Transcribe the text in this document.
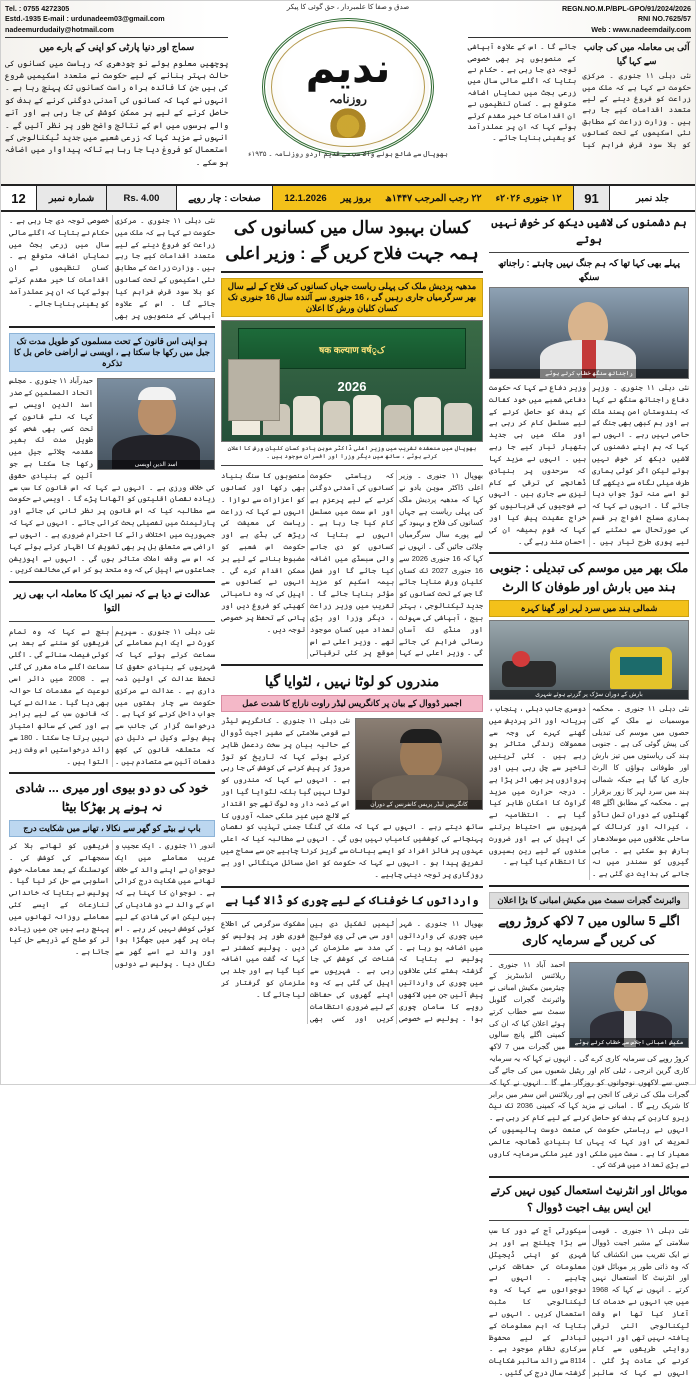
Tel. : 0755 4272305
Estd.-1935 E-mail : urdunadeem03@gmail.com
nadeemurdudaily@hotmail.com
سماج اور دنیا پارٹی کو اپنی کے بارے میں
پوچھیں معلوم ہوئے نو چودھری کہ ریاست میں کسانوں کی حالت بہتر بنانے کے لیے حکومت نے متعدد اسکیمیں شروع کی ہیں جن کا فائدہ براہ راست کسانوں تک پہنچ رہا ہے ۔ انہوں نے کہا کہ کسانوں کی آمدنی دوگنی کرنے کے ہدف کو حاصل کرنے کے لیے ہر ممکن کوشش کی جا رہی ہے اور آنے والے برسوں میں اس کے نتائج واضح طور پر نظر آئیں گے ۔ انہوں نے مزید کہا کہ زرعی شعبے میں جدید ٹیکنالوجی کے استعمال کو فروغ دیا جا رہا ہے تاکہ پیداوار میں اضافہ ہو سکے ۔
صدق و صفا کا علمبردار ، حق گوئی کا پیکر
ندیم
روزنامہ
بھوپال سے شائع ہونے والا سب سے قدیم اردو روزنامہ ۔ ۱۹۳۵ء
REGN.NO.M.P/BPL-GPO/91/2024/2026
RNI NO.7625/57
Web : www.nadeemdaily.com
آئی بی معاملہ میں کی جانب سے کہا گیا
نئی دہلی ۱۱ جنوری ۔ مرکزی حکومت نے کہا ہے کہ ملک میں زراعت کو فروغ دینے کے لیے متعدد اقدامات کیے جا رہے ہیں ۔ وزارت زراعت کے مطابق نئی اسکیموں کے تحت کسانوں کو بلا سود قرض فراہم کیا جائے گا ۔ اس کے علاوہ آبپاشی کے منصوبوں پر بھی خصوصی توجہ دی جا رہی ہے ۔ حکام نے بتایا کہ اگلے مالی سال میں زرعی بجٹ میں نمایاں اضافہ متوقع ہے ۔ کسان تنظیموں نے ان اقدامات کا خیر مقدم کرتے ہوئے کہا کہ ان پر عملدرآمد کو یقینی بنایا جائے ۔
جلد نمبر
91
۱۲ جنوری ۲۰۲۶ء
۲۲ رجب المرجب ۱۴۴۷ھ
بروز پیر
12.1.2026
صفحات : چار روپے
Rs. 4.00
شمارہ نمبر
12
ہم دشمنوں کی لاشیں دیکھ کر خوش نہیں ہوتے
پہلے بھی کہا تھا کہ ہم جنگ نہیں چاہتے : راجناتھ سنگھ
راجناتھ سنگھ خطاب کرتے ہوئے
نئی دہلی ۱۱ جنوری ۔ وزیر دفاع راجناتھ سنگھ نے کہا کہ ہندوستان امن پسند ملک ہے اور ہم کبھی بھی جنگ کے حامی نہیں رہے ۔ انہوں نے کہا کہ ہم اپنے دشمنوں کی لاشیں دیکھ کر خوش نہیں ہوتے لیکن اگر کوئی ہماری طرف میلی نگاہ سے دیکھے گا تو اسے منہ توڑ جواب دیا جائے گا ۔ انہوں نے کہا کہ ہماری مسلح افواج ہر قسم کی صورتحال سے نمٹنے کے لیے پوری طرح تیار ہیں ۔ وزیر دفاع نے کہا کہ حکومت دفاعی شعبے میں خود کفالت کے ہدف کو حاصل کرنے کے لیے مسلسل کام کر رہی ہے اور ملک میں ہی جدید ہتھیار تیار کیے جا رہے ہیں ۔ انہوں نے مزید کہا کہ سرحدوں پر بنیادی ڈھانچے کی ترقی کے کام تیزی سے جاری ہیں ۔ انہوں نے فوجیوں کی قربانیوں کو خراج عقیدت پیش کیا اور کہا کہ قوم ہمیشہ ان کی احسان مند رہے گی ۔
ملک بھر میں موسم کی تبدیلی : جنوبی ہند میں بارش اور طوفان کا الرٹ
شمالی ہند میں سرد لہر اور گھنا کہرہ
بارش کے دوران سڑک پر گزرتے ہوئے شہری
نئی دہلی ۱۱ جنوری ۔ محکمہ موسمیات نے ملک کے کئی حصوں میں موسم کی تبدیلی کی پیش گوئی کی ہے ۔ جنوبی ہند کی ریاستوں میں تیز بارش اور طوفانی ہواؤں کا الرٹ جاری کیا گیا ہے جبکہ شمالی ہند میں سرد لہر کا زور برقرار ہے ۔ محکمہ کے مطابق اگلے 48 گھنٹوں کے دوران تمل ناڈو ، کیرالہ اور کرناٹک کے ساحلی علاقوں میں موسلادھار بارش ہو سکتی ہے ۔ ماہی گیروں کو سمندر میں نہ جانے کی ہدایت دی گئی ہے ۔ دوسری جانب دہلی ، پنجاب ، ہریانہ اور اتر پردیش میں گھنے کہرے کی وجہ سے معمولات زندگی متاثر ہو رہے ہیں ۔ کئی ٹرینیں تاخیر سے چل رہی ہیں اور پروازوں پر بھی اثر پڑا ہے ۔ درجہ حرارت میں مزید گراوٹ کا امکان ظاہر کیا گیا ہے ۔ انتظامیہ نے شہریوں سے احتیاط برتنے کی اپیل کی ہے اور ضرورت مندوں کے لیے رین بسیروں کا انتظام کیا گیا ہے ۔
وائبرنٹ گجرات سمٹ میں مکیش امبانی کا بڑا اعلان
اگلے 5 سالوں میں 7 لاکھ کروڑ روپے کی کریں گے سرمایہ کاری
مکیش امبانی اجلاس سے خطاب کرتے ہوئے
احمد آباد ۱۱ جنوری ۔ ریلائنس انڈسٹریز کے چیئرمین مکیش امبانی نے وائبرنٹ گجرات گلوبل سمٹ سے خطاب کرتے ہوئے اعلان کیا کہ ان کی کمپنی اگلے پانچ سالوں میں گجرات میں 7 لاکھ کروڑ روپے کی سرمایہ کاری کرے گی ۔ انہوں نے کہا کہ یہ سرمایہ کاری گرین انرجی ، ٹیلی کام اور ریٹیل شعبوں میں کی جائے گی جس سے لاکھوں نوجوانوں کو روزگار ملے گا ۔ انہوں نے کہا کہ گجرات ملک کی ترقی کا انجن ہے اور ریلائنس اس سفر میں برابر کا شریک رہے گا ۔ امبانی نے مزید کہا کہ کمپنی 2036 تک نیٹ زیرو کاربن کے ہدف کو حاصل کرنے کے لیے کام کر رہی ہے ۔ انہوں نے ریاستی حکومت کی صنعت دوست پالیسیوں کی تعریف کی اور کہا کہ یہاں کا بنیادی ڈھانچہ عالمی معیار کا ہے ۔ سمٹ میں ملکی اور غیر ملکی سرمایہ کاروں نے بڑی تعداد میں شرکت کی ۔
موبائل اور انٹرنیٹ استعمال کیوں نہیں کرتے این ایس بیف اجیت ڈووال ؟
نئی دہلی ۱۱ جنوری ۔ قومی سلامتی کے مشیر اجیت ڈووال نے ایک تقریب میں انکشاف کیا کہ وہ ذاتی طور پر موبائل فون اور انٹرنیٹ کا استعمال نہیں کرتے ۔ انہوں نے کہا کہ 1968 میں جب انہوں نے خدمات کا آغاز کیا تھا اس وقت ٹیکنالوجی اتنی ترقی یافتہ نہیں تھی اور انہیں روایتی طریقوں سے کام کرنے کی عادت پڑ گئی ۔ انہوں نے کہا کہ سائبر سیکورٹی آج کے دور کا سب سے بڑا چیلنج ہے اور ہر شہری کو اپنی ڈیجیٹل معلومات کی حفاظت کرنی چاہیے ۔ انہوں نے نوجوانوں سے کہا کہ وہ ٹیکنالوجی کا مثبت استعمال کریں ۔ انہوں نے بتایا کہ اہم معلومات کے تبادلے کے لیے محفوظ سرکاری نظام موجود ہے ۔ 8114 سے زائد سائبر شکایات گزشتہ سال درج کی گئیں ۔
کسان بہبود سال میں کسانوں کی ہمہ جہت فلاح کریں گے : وزیر اعلی
مدھیہ پردیش ملک کی پہلی ریاست جہاں کسانوں کی فلاح کے لیے سال بھر سرگرمیاں جاری رہیں گی ، 16 جنوری سے آئندہ سال 16 جنوری تک کسان کلیان ورش کا اعلان
کृषक कल्याण वर्ष
2026
بھوپال میں منعقدہ تقریب میں وزیر اعلی ڈاکٹر موہن یادو کسان کلیان ورش کا اعلان کرتے ہوئے ، ساتھ میں دیگر وزرا اور افسران موجود ہیں ۔
بھوپال ۱۱ جنوری ۔ وزیر اعلی ڈاکٹر موہن یادو نے کہا کہ مدھیہ پردیش ملک کی پہلی ریاست ہے جہاں کسانوں کی فلاح و بہبود کے لیے پورے سال سرگرمیاں چلائی جائیں گی ۔ انہوں نے کہا کہ 16 جنوری 2026 سے 16 جنوری 2027 تک کسان کلیان ورش منایا جائے گا جس کے تحت کسانوں کو جدید ٹیکنالوجی ، بہتر بیج ، آبپاشی کی سہولت اور منڈی تک آسان رسائی فراہم کی جائے گی ۔ وزیر اعلی نے کہا کہ ریاستی حکومت کسانوں کی آمدنی دوگنی کرنے کے لیے پرعزم ہے اور اس سمت میں مسلسل کام کیا جا رہا ہے ۔ انہوں نے بتایا کہ کسانوں کو دی جانے والی سبسڈی میں اضافہ کیا جائے گا اور فصل بیمہ اسکیم کو مزید مؤثر بنایا جائے گا ۔ تقریب میں وزیر زراعت ، دیگر وزرا اور بڑی تعداد میں کسان موجود تھے ۔ وزیر اعلی نے اس موقع پر کئی ترقیاتی منصوبوں کا سنگ بنیاد بھی رکھا اور کسانوں کو اعزازات سے نوازا ۔ انہوں نے کہا کہ زراعت ریاست کی معیشت کی ریڑھ کی ہڈی ہے اور حکومت اس شعبے کو مضبوط بنانے کے لیے ہر ممکن اقدام کرے گی ۔ انہوں نے کسانوں سے اپیل کی کہ وہ نامیاتی کھیتی کو فروغ دیں اور پانی کے تحفظ پر خصوصی توجہ دیں ۔
مندروں کو لوٹا نہیں ، لٹوایا گیا
اجمیر ڈووال کے بیان پر کانگریس لیڈر راوت ناراج کا شدت عمل
کانگریس لیڈر پریس کانفرنس کے دوران
نئی دہلی ۱۱ جنوری ۔ کانگریس لیڈر نے قومی سلامتی کے مشیر اجیت ڈووال کے حالیہ بیان پر سخت ردعمل ظاہر کرتے ہوئے کہا کہ تاریخ کو توڑ مروڑ کر پیش کرنے کی کوشش کی جا رہی ہے ۔ انہوں نے کہا کہ مندروں کو لوٹا نہیں گیا بلکہ لٹوایا گیا اور اس کے ذمہ دار وہ لوگ تھے جو اقتدار کے لالچ میں غیر ملکی حملہ آوروں کا ساتھ دیتے رہے ۔ انہوں نے کہا کہ ملک کی گنگا جمنی تہذیب کو نقصان پہنچانے کی کوششیں کامیاب نہیں ہوں گی ۔ انہوں نے مطالبہ کیا کہ اعلی عہدوں پر فائز افراد کو ایسے بیانات سے گریز کرنا چاہیے جن سے سماج میں تفریق پیدا ہو ۔ انہوں نے کہا کہ حکومت کو اصل مسائل مہنگائی اور بے روزگاری پر توجہ دینی چاہیے ۔
وارداتوں کا خوفناک کے لیے چوری کو ڈالا گیا ہے
بھوپال ۱۱ جنوری ۔ شہر میں چوری کی وارداتوں میں اضافہ ہو رہا ہے ۔ پولیس نے بتایا کہ گزشتہ ہفتے کئی علاقوں میں چوری کی وارداتیں پیش آئیں جن میں لاکھوں روپے کا سامان چوری ہوا ۔ پولیس نے خصوصی ٹیمیں تشکیل دی ہیں اور سی سی ٹی وی فوٹیج کی مدد سے ملزمان کی شناخت کی کوشش کی جا رہی ہے ۔ شہریوں سے اپیل کی گئی ہے کہ وہ اپنے گھروں کی حفاظت کے لیے ضروری انتظامات کریں اور کسی بھی مشکوک سرگرمی کی اطلاع فوری طور پر پولیس کو دیں ۔ پولیس کمشنر نے کہا کہ گشت میں اضافہ کیا گیا ہے اور جلد ہی ملزمان کو گرفتار کر لیا جائے گا ۔
نئی دہلی ۱۱ جنوری ۔ مرکزی حکومت نے کہا ہے کہ ملک میں زراعت کو فروغ دینے کے لیے متعدد اقدامات کیے جا رہے ہیں ۔ وزارت زراعت کے مطابق نئی اسکیموں کے تحت کسانوں کو بلا سود قرض فراہم کیا جائے گا ۔ اس کے علاوہ آبپاشی کے منصوبوں پر بھی خصوصی توجہ دی جا رہی ہے ۔ حکام نے بتایا کہ اگلے مالی سال میں زرعی بجٹ میں نمایاں اضافہ متوقع ہے ۔ کسان تنظیموں نے ان اقدامات کا خیر مقدم کرتے ہوئے کہا کہ ان پر عملدرآمد کو یقینی بنایا جائے ۔
ہو اپنی اس قانون کے تحت مسلموں کو طویل مدت تک جیل میں رکھا جا سکتا ہے ، اویسی نے اراضی خاص بل کا تذکرہ
اسد الدین اویسی
حیدرآباد ۱۱ جنوری ۔ مجلس اتحاد المسلمین کے صدر اسد الدین اویسی نے کہا کہ نئے قانون کے تحت کسی بھی شخص کو طویل مدت تک بغیر مقدمہ چلائے جیل میں رکھا جا سکتا ہے جو آئین کے بنیادی حقوق کی خلاف ورزی ہے ۔ انہوں نے کہا کہ اس قانون کا سب سے زیادہ نقصان اقلیتوں کو اٹھانا پڑے گا ۔ اویسی نے حکومت سے مطالبہ کیا کہ اس قانون پر نظر ثانی کی جائے اور پارلیمنٹ میں تفصیلی بحث کرائی جائے ۔ انہوں نے کہا کہ جمہوریت میں اختلاف رائے کا احترام ضروری ہے ۔ انہوں نے اراضی سے متعلق بل پر بھی تشویش کا اظہار کرتے ہوئے کہا کہ اس سے وقف املاک متاثر ہوں گی ۔ انہوں نے اپوزیشن جماعتوں سے اپیل کی کہ وہ متحد ہو کر اس کی مخالفت کریں ۔
عدالت نے دیا ہے کہ نمبر ایک کا معاملہ اب بھی زیر التوا
نئی دہلی ۱۱ جنوری ۔ سپریم کورٹ نے ایک اہم معاملے کی سماعت کرتے ہوئے کہا کہ شہریوں کے بنیادی حقوق کا تحفظ عدالت کی اولین ذمہ داری ہے ۔ عدالت نے مرکزی حکومت سے چار ہفتوں میں جواب داخل کرنے کو کہا ہے ۔ درخواست گزار کی جانب سے پیش ہوئے وکیل نے دلیل دی کہ متعلقہ قانون کی کچھ دفعات آئین سے متصادم ہیں ۔ بنچ نے کہا کہ وہ تمام فریقوں کو سننے کے بعد ہی کوئی فیصلہ سنائے گی ۔ اگلی سماعت اگلے ماہ مقرر کی گئی ہے ۔ 2008 میں دائر اسی نوعیت کے مقدمات کا حوالہ بھی دیا گیا ۔ عدالت نے کہا کہ قانون سب کے لیے برابر ہے اور کسی کے ساتھ امتیاز نہیں برتا جا سکتا ۔ 180 سے زائد درخواستیں اس وقت زیر التوا ہیں ۔
خود کی دو دو بیوی اور میری ... شادی نہ ہونے پر بھڑکا بیٹا
باپ نے بیٹے کو گھر سے نکالا ، تھانے میں شکایت درج
اندور ۱۱ جنوری ۔ ایک عجیب و غریب معاملے میں ایک نوجوان نے اپنے والد کے خلاف تھانے میں شکایت درج کرائی ہے ۔ نوجوان کا کہنا ہے کہ اس کے والد نے دو شادیاں کی ہیں لیکن اس کی شادی کے لیے کوئی کوشش نہیں کر رہے ۔ اس بات پر گھر میں جھگڑا ہوا اور والد نے اسے گھر سے نکال دیا ۔ پولیس نے دونوں فریقوں کو تھانے بلا کر سمجھانے کی کوشش کی ۔ کونسلنگ کے بعد معاملہ خوش اسلوبی سے حل کر لیا گیا ۔ پولیس نے بتایا کہ خاندانی تنازعات کے ایسے کئی معاملے روزانہ تھانوں میں پہنچ رہے ہیں جن میں زیادہ تر کو صلح کے ذریعے حل کیا جاتا ہے ۔
